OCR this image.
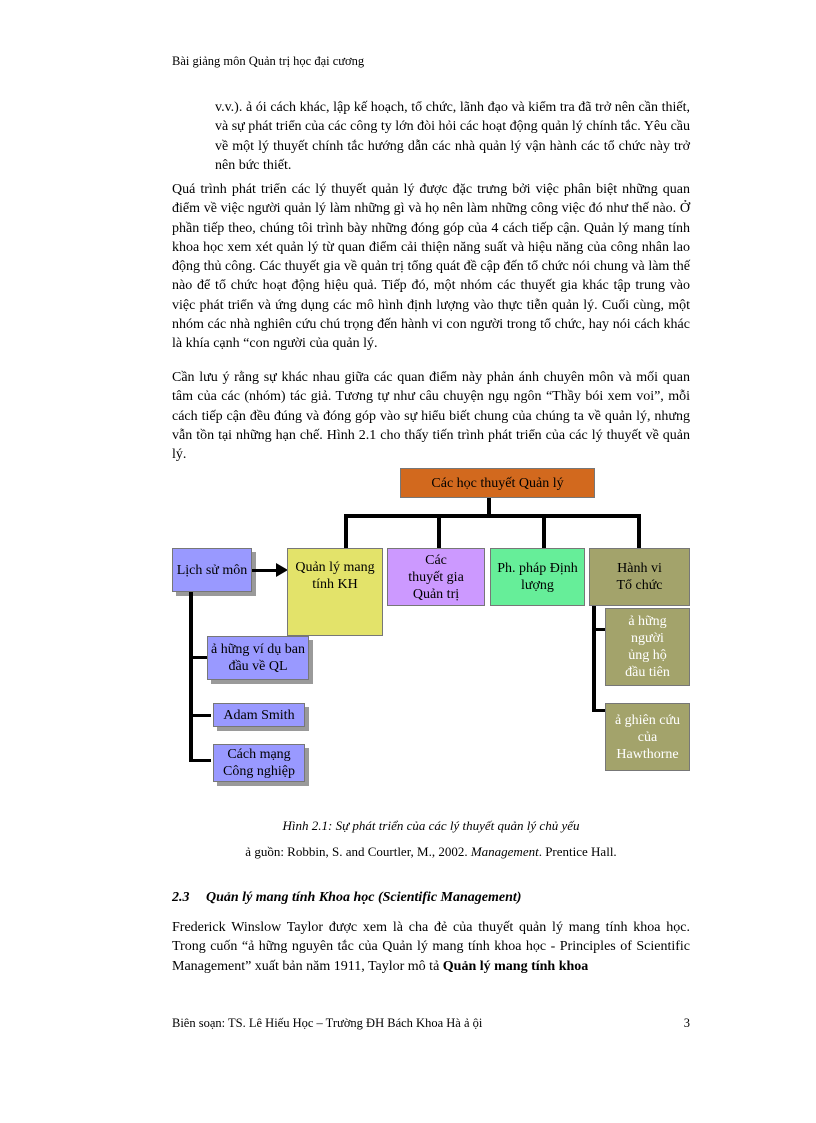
Bài giảng môn Quản trị học đại cương

v.v.). ả ói cách khác, lập kế hoạch, tổ chức, lãnh đạo và kiểm tra đã trở nên cần thiết, và sự phát triển của các công ty lớn đòi hỏi các hoạt động quản lý chính tắc. Yêu cầu về một lý thuyết chính tắc hướng dẫn các nhà quản lý vận hành các tổ chức này trở nên bức thiết.

Quá trình phát triển các lý thuyết quản lý được đặc trưng bởi việc phân biệt những quan điểm về việc người quản lý làm những gì và họ nên làm những công việc đó như thế nào. Ở phần tiếp theo, chúng tôi trình bày những đóng góp của 4 cách tiếp cận. Quản lý mang tính khoa học xem xét quản lý từ quan điểm cải thiện năng suất và hiệu năng của công nhân lao động thủ công. Các thuyết gia về quản trị tổng quát đề cập đến tổ chức nói chung và làm thế nào để tổ chức hoạt động hiệu quả. Tiếp đó, một nhóm các thuyết gia khác tập trung vào việc phát triển và ứng dụng các mô hình định lượng vào thực tiễn quản lý. Cuối cùng, một nhóm các nhà nghiên cứu chú trọng đến hành vi con người trong tổ chức, hay nói cách khác là khía cạnh “con người của quản lý.

Cần lưu ý rằng sự khác nhau giữa các quan điểm này phản ánh chuyên môn và mối quan tâm của các (nhóm) tác giả. Tương tự như câu chuyện ngụ ngôn “Thầy bói xem voi”, mỗi cách tiếp cận đều đúng và đóng góp vào sự hiểu biết chung của chúng ta về quản lý, nhưng vẫn tồn tại những hạn chế. Hình 2.1 cho thấy tiến trình phát triển của các lý thuyết về quản lý.

Các học thuyết Quản lý
Lịch sử môn	Quản lý mang tính KH
Các thuyết gia Quản trị
Ph. pháp Định lượng
Hành vi Tổ chức
ả hững ví dụ ban đầu về QL
Adam Smith
Cách mạng Công nghiệp
ả hững người ủng hộ đầu tiên
ả ghiên cứu của Hawthorne
Hình 2.1: Sự phát triển của các lý thuyết quản lý chủ yếu
ả guồn: Robbin, S. and Courtler, M., 2002. Management. Prentice Hall.
2.3 Quản lý mang tính Khoa học (Scientific Management)

Frederick Winslow Taylor được xem là cha đẻ của thuyết quản lý mang tính khoa học. Trong cuốn “ả hững nguyên tắc của Quản lý mang tính khoa học - Principles of Scientific Management” xuất bản năm 1911, Taylor mô tả Quản lý mang tính khoa

Biên soạn: TS. Lê Hiếu Học – Trường ĐH Bách Khoa Hà ả ội	3
